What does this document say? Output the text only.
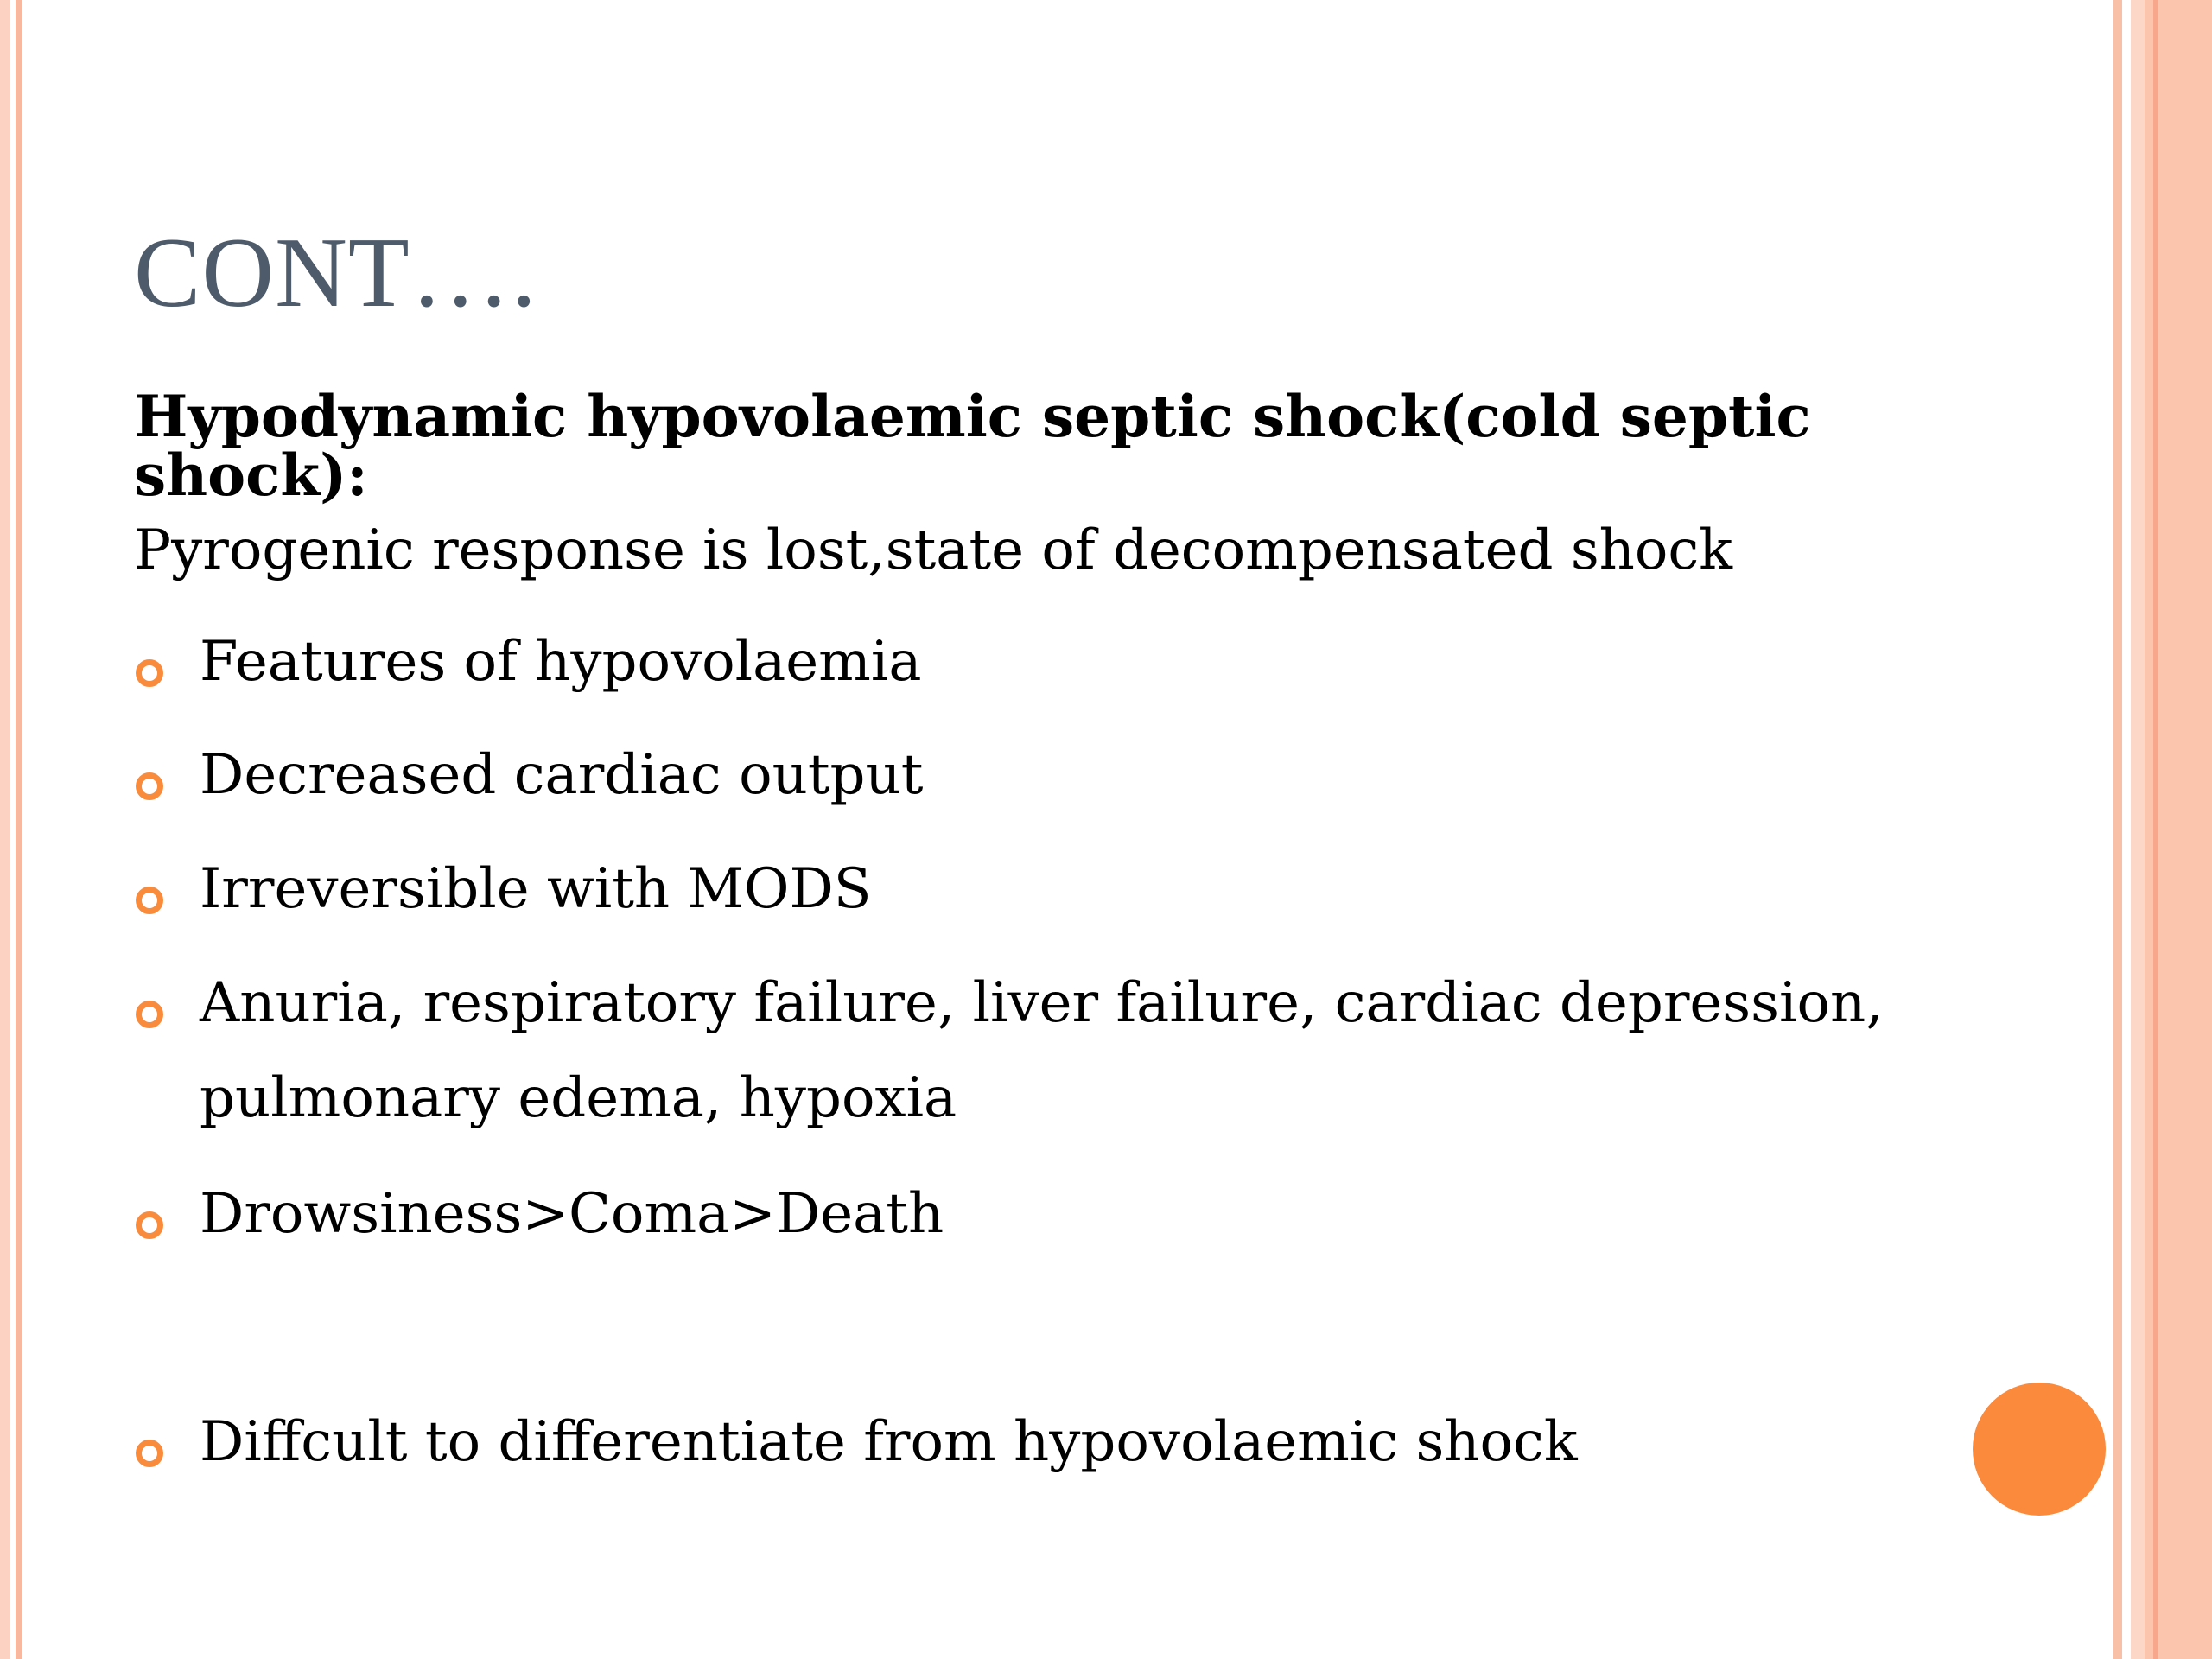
CONT….

Hypodynamic hypovolaemic septic shock(cold septic shock):

Pyrogenic response is lost,state of decompensated shock

Features of hypovolaemia
Decreased cardiac output
Irreversible with MODS
Anuria, respiratory failure, liver failure, cardiac depression, pulmonary edema, hypoxia
Drowsiness>Coma>Death
Diffcult to differentiate from hypovolaemic shock
